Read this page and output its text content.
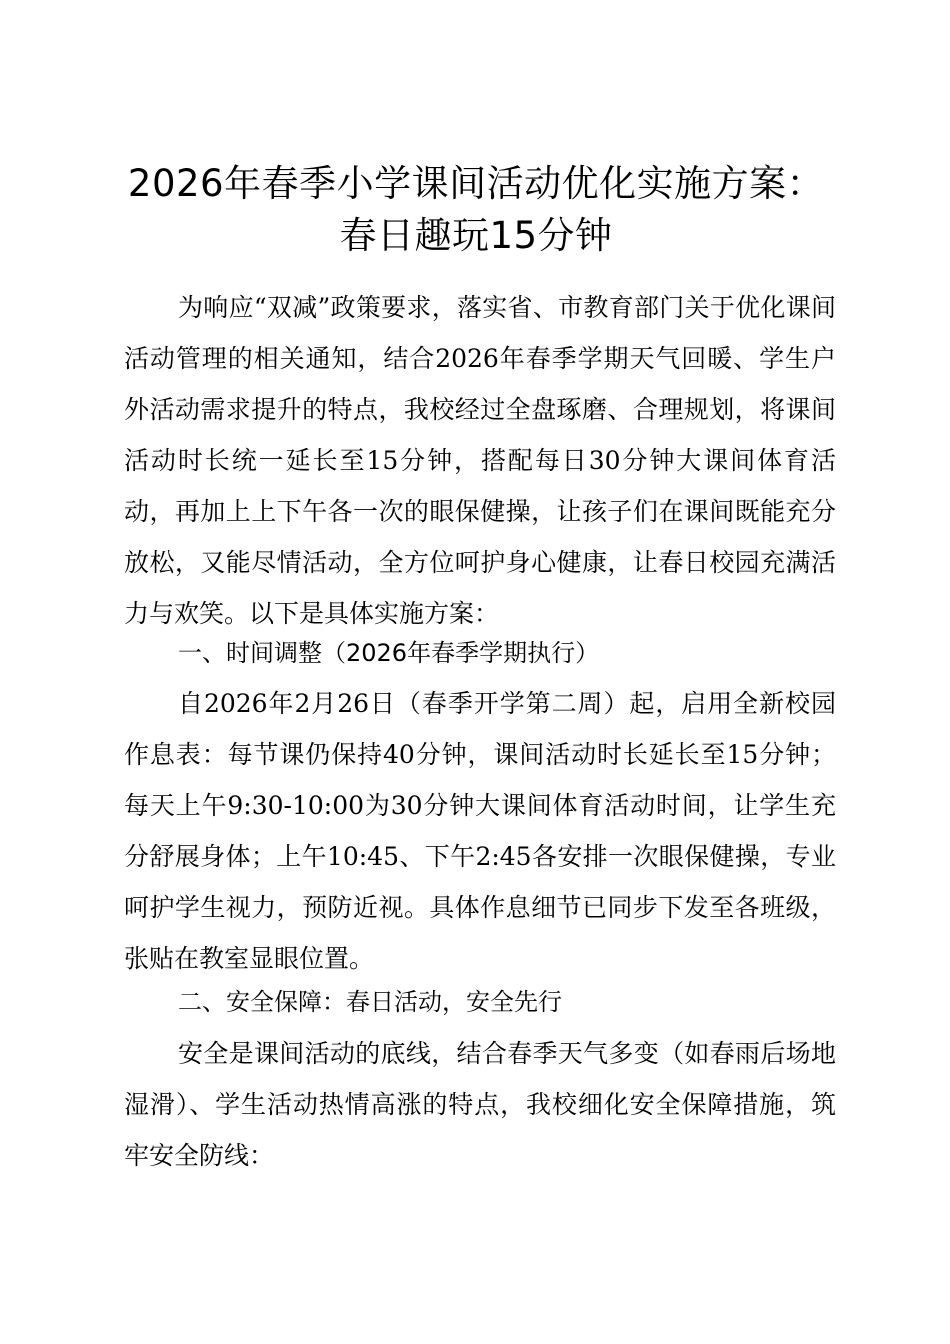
2026年春季小学课间活动优化实施方案：春日趣玩15分钟

为响应“双减”政策要求，落实省、市教育部门关于优化课间活动管理的相关通知，结合2026年春季学期天气回暖、学生户外活动需求提升的特点，我校经过全盘琢磨、合理规划，将课间活动时长统一延长至15分钟，搭配每日30分钟大课间体育活动，再加上上下午各一次的眼保健操，让孩子们在课间既能充分放松，又能尽情活动，全方位呵护身心健康，让春日校园充满活力与欢笑。以下是具体实施方案：

一、时间调整（2026年春季学期执行）

自2026年2月26日（春季开学第二周）起，启用全新校园作息表：每节课仍保持40分钟，课间活动时长延长至15分钟；每天上午9:30-10:00为30分钟大课间体育活动时间，让学生充分舒展身体；上午10:45、下午2:45各安排一次眼保健操，专业呵护学生视力，预防近视。具体作息细节已同步下发至各班级，张贴在教室显眼位置。

二、安全保障：春日活动，安全先行

安全是课间活动的底线，结合春季天气多变（如春雨后场地湿滑）、学生活动热情高涨的特点，我校细化安全保障措施，筑牢安全防线：
